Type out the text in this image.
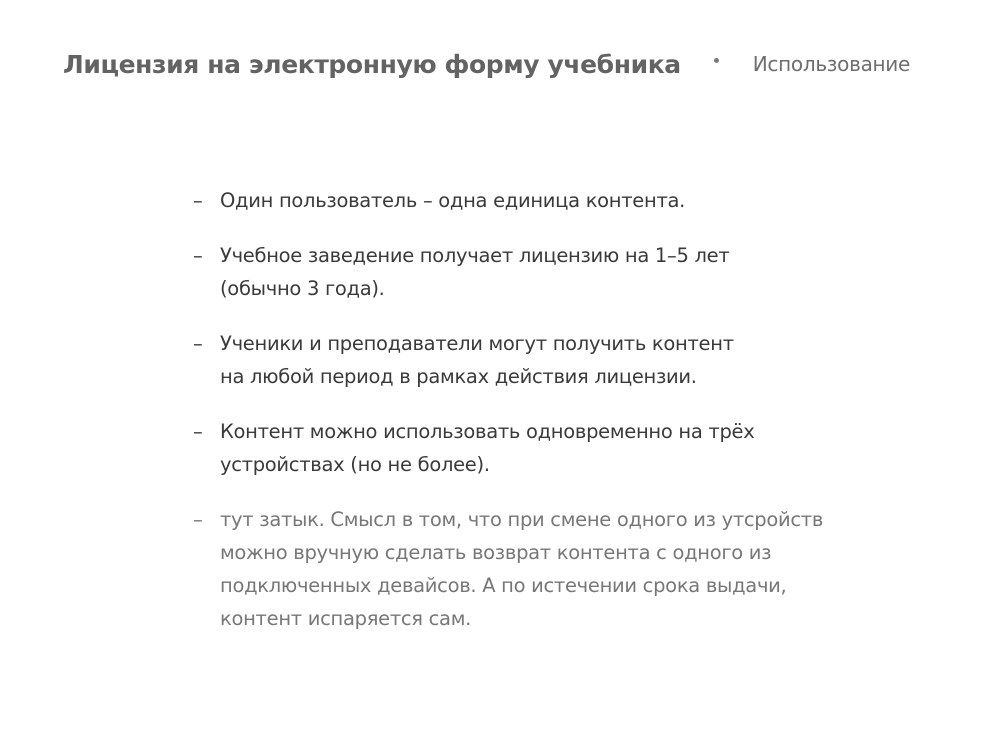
Лицензия на электронную форму учебника	Использование
– Один пользователь – одна единица контента.
– Учебное заведение получает лицензию на 1–5 лет
(обычно 3 года).
– Ученики и преподаватели могут получить контент
на любой период в рамках действия лицензии.
– Контент можно использовать одновременно на трёх
устройствах (но не более).
– тут затык. Смысл в том, что при смене одного из утсройств
можно вручную сделать возврат контента с одного из
подключенных девайсов. А по истечении срока выдачи,
контент испаряется сам.
